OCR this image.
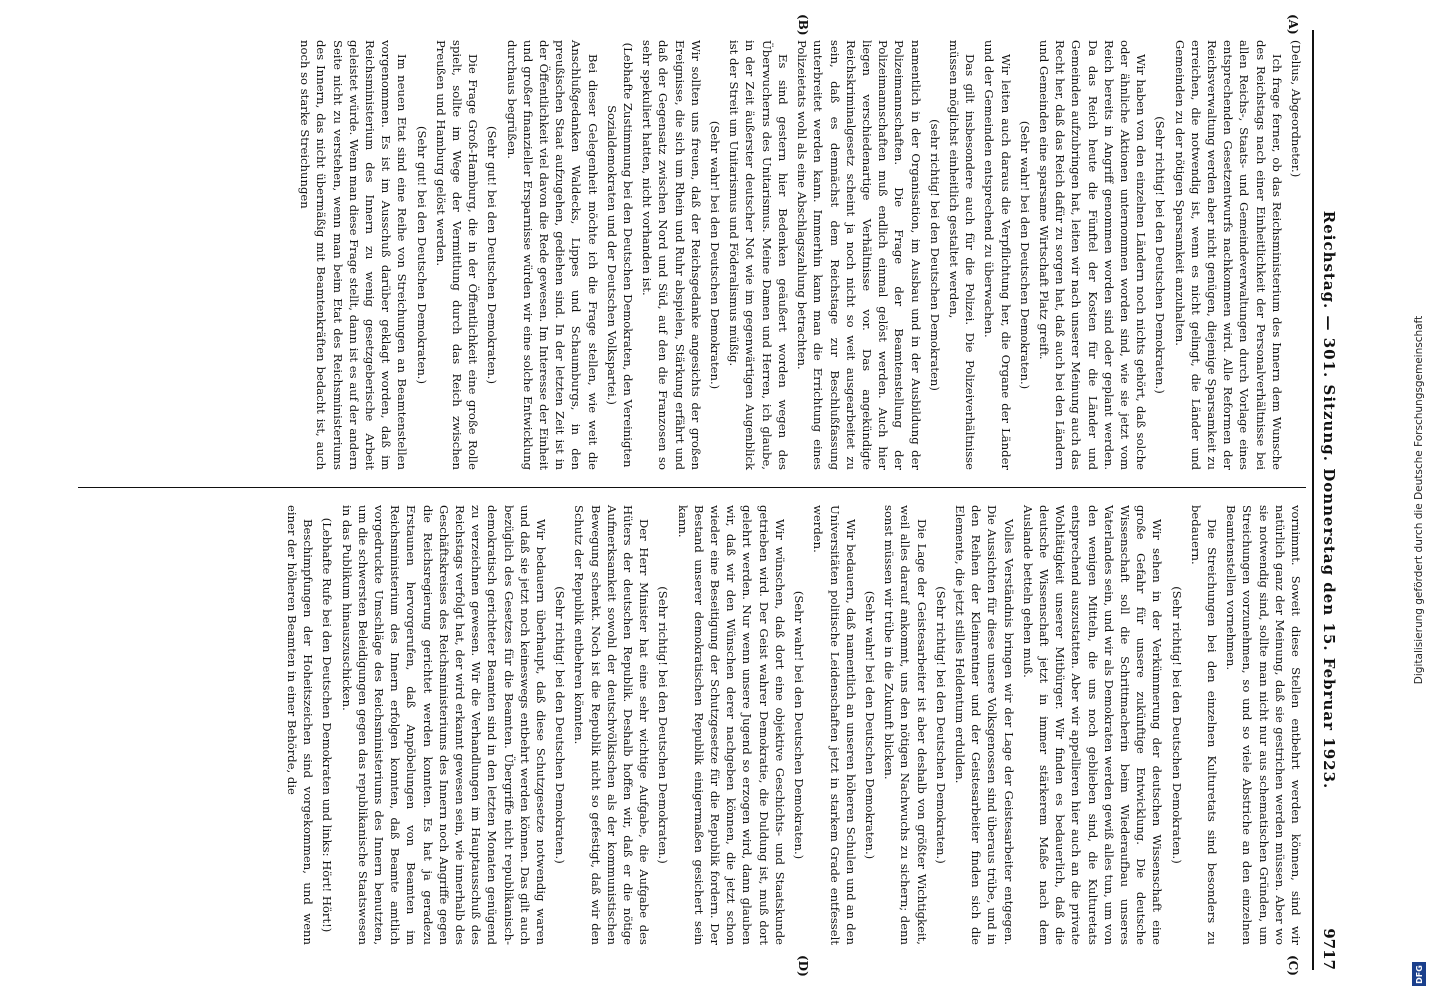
Reichstag. — 301. Sitzung. Donnerstag den 15. Februar 1923.
9717
(A)
(B)
(C)
(D)

(Delius, Abgeordneter.)

Ich frage ferner, ob das Reichsministerium des Innern dem Wunsche des Reichstags nach einer Einheitlichkeit der Personalverhältnisse bei allen Reichs-, Staats- und Gemeindeverwaltungen durch Vorlage eines entsprechenden Gesetzentwurfs nachkommen wird. Alle Reformen der Reichsverwaltung werden aber nicht genügen, diejenige Sparsamkeit zu erreichen, die notwendig ist, wenn es nicht gelingt, die Länder und Gemeinden zu der nötigen Sparsamkeit anzuhalten.

(Sehr richtig! bei den Deutschen Demokraten.)

Wir haben von den einzelnen Ländern noch nichts gehört, daß solche oder ähnliche Aktionen unternommen worden sind, wie sie jetzt vom Reich bereits in Angriff genommen worden sind oder geplant werden. Da das Reich heute die Fünftel der Kosten für die Länder und Gemeinden aufzubringen hat, leiten wir nach unserer Meinung auch das Recht her, daß das Reich dafür zu sorgen hat, daß auch bei den Ländern und Gemeinden eine sparsame Wirtschaft Platz greift.

(Sehr wahr! bei den Deutschen Demokraten.)

Wir leiten auch daraus die Verpflichtung her, die Organe der Länder und der Gemeinden entsprechend zu überwachen.

Das gilt insbesondere auch für die Polizei. Die Polizeiverhältnisse müssen möglichst einheitlich gestaltet werden,

(sehr richtig! bei den Deutschen Demokraten)

namentlich in der Organisation, im Ausbau und in der Ausbildung der Polizeimannschaften. Die Frage der Beamtenstellung der Polizeimannschaften muß endlich einmal gelöst werden. Auch hier liegen verschiedenartige Verhältnisse vor. Das angekündigte Reichskriminalgesetz scheint ja noch nicht so weit ausgearbeitet zu sein, daß es demnächst dem Reichstage zur Beschlußfassung unterbreitet werden kann. Immerhin kann man die Errichtung eines Polizeietats wohl als eine Abschlagszahlung betrachten.

Es sind gestern hier Bedenken geäußert worden wegen des Überwucherns des Unitarismus. Meine Damen und Herren, ich glaube, in der Zeit äußerster deutscher Not wie im gegenwärtigen Augenblick ist der Streit um Unitarismus und Föderalismus müßig.

(Sehr wahr! bei den Deutschen Demokraten.)

Wir sollten uns freuen, daß der Reichsgedanke angesichts der großen Ereignisse, die sich um Rhein und Ruhr abspielen, Stärkung erfährt und daß der Gegensatz zwischen Nord und Süd, auf den die Franzosen so sehr spekuliert hatten, nicht vorhanden ist.

(Lebhafte Zustimmung bei den Deutschen Demokraten, den Vereinigten Sozialdemokraten und der Deutschen Volkspartei.)

Bei dieser Gelegenheit möchte ich die Frage stellen, wie weit die Anschlußgedanken Waldecks, Lippes und Schaumburgs, in den preußischen Staat aufzugehen, gediehen sind. In der letzten Zeit ist in der Öffentlichkeit viel davon die Rede gewesen. Im Interesse der Einheit und großer finanzieller Ersparnisse würden wir eine solche Entwicklung durchaus begrüßen.

(Sehr gut! bei den Deutschen Demokraten.)

Die Frage Groß-Hamburg, die in der Öffentlichkeit eine große Rolle spielt, sollte im Wege der Vermittlung durch das Reich zwischen Preußen und Hamburg gelöst werden.

(Sehr gut! bei den Deutschen Demokraten.)

Im neuen Etat sind eine Reihe von Streichungen an Beamtenstellen vorgenommen. Es ist im Ausschuß darüber geklagt worden, daß im Reichsministerium des Innern zu wenig gesetzgeberische Arbeit geleistet würde. Wenn man diese Frage stellt, dann ist es auf der andern Seite nicht zu verstehen, wenn man beim Etat des Reichsministeriums des Innern, das nicht übermäßig mit Beamtenkräften bedacht ist, auch noch so starke Streichungen

vornimmt. Soweit diese Stellen entbehrt werden können, sind wir natürlich ganz der Meinung, daß sie gestrichen werden müssen. Aber wo sie notwendig sind, sollte man nicht nur aus schematischen Gründen, um Streichungen vorzunehmen, so und so viele Abstriche an den einzelnen Beamtenstellen vornehmen.

Die Streichungen bei den einzelnen Kulturetats sind besonders zu bedauern.

(Sehr richtig! bei den Deutschen Demokraten.)

Wir sehen in der Verkümmerung der deutschen Wissenschaft eine große Gefahr für unsere zukünftige Entwicklung. Die deutsche Wissenschaft soll die Schrittmacherin beim Wiederaufbau unseres Vaterlandes sein, und wir als Demokraten werden gewiß alles tun, um von den wenigen Mitteln, die uns noch geblieben sind, die Kulturetats entsprechend auszustatten. Aber wir appellieren hier auch an die private Wohltätigkeit unserer Mitbürger. Wir finden es bedauerlich, daß die deutsche Wissenschaft jetzt in immer stärkerem Maße nach dem Auslande betteln gehen muß.

Volles Verständnis bringen wir der Lage der Geistesarbeiter entgegen. Die Aussichten für diese unsere Volksgenossen sind überaus trübe, und in den Reihen der Kleinrentner und der Geistesarbeiter finden sich die Elemente, die jetzt stilles Heldentum erdulden.

(Sehr richtig! bei den Deutschen Demokraten.)

Die Lage der Geistesarbeiter ist aber deshalb von größter Wichtigkeit, weil alles darauf ankommt, uns den nötigen Nachwuchs zu sichern; denn sonst müssen wir trübe in die Zukunft blicken.

(Sehr wahr! bei den Deutschen Demokraten.)

Wir bedauern, daß namentlich an unseren höheren Schulen und an den Universitäten politische Leidenschaften jetzt in starkem Grade entfesselt werden.

(Sehr wahr! bei den Deutschen Demokraten.)

Wir wünschen, daß dort eine objektive Geschichts- und Staatskunde getrieben wird. Der Geist wahrer Demokratie, die Duldung ist, muß dort gelehrt werden. Nur wenn unsere Jugend so erzogen wird, dann glauben wir, daß wir den Wünschen derer nachgeben können, die jetzt schon wieder eine Beseitigung der Schutzgesetze für die Republik fordern. Der Bestand unserer demokratischen Republik einigermaßen gesichert sein kann.

(Sehr richtig! bei den Deutschen Demokraten.)

Der Herr Minister hat eine sehr wichtige Aufgabe, die Aufgabe des Hüters der deutschen Republik. Deshalb hoffen wir, daß er die nötige Aufmerksamkeit sowohl der deutschvölkischen als der kommunistischen Bewegung schenkt. Noch ist die Republik nicht so gefestigt, daß wir den Schutz der Republik entbehren könnten.

(Sehr richtig! bei den Deutschen Demokraten.)

Wir bedauern überhaupt, daß diese Schutzgesetze notwendig waren und daß sie jetzt noch keineswegs entbehrt werden können. Das gilt auch bezüglich des Gesetzes für die Beamten. Übergriffe nicht republikanisch-demokratisch gerichteter Beamten sind in den letzten Monaten genügend zu verzeichnen gewesen. Wir die Verhandlungen im Hauptausschuß des Reichstags verfolgt hat, der wird erkannt gewesen sein, wie innerhalb des Geschäftskreises des Reichsministeriums des Innern noch Angriffe gegen die Reichsregierung gerichtet werden konnten. Es hat ja geradezu Erstaunen hervorgerufen, daß Anpöbelungen von Beamten im Reichsministerium des Innern erfolgen konnten, daß Beamte amtlich vorgedruckte Umschläge des Reichsministeriums des Innern benutzten, um die schwersten Beleidigungen gegen das republikanische Staatswesen in das Publikum hinauszuschicken.

(Lebhafte Rufe bei den Deutschen Demokraten und links: Hört! Hört!)

Beschimpfungen der Hoheitszeichen sind vorgekommen, und wenn einer der höheren Beamten in einer Behörde, die	Digitalisierung gefördert durch die Deutsche Forschungsgemeinschaft
DFG
